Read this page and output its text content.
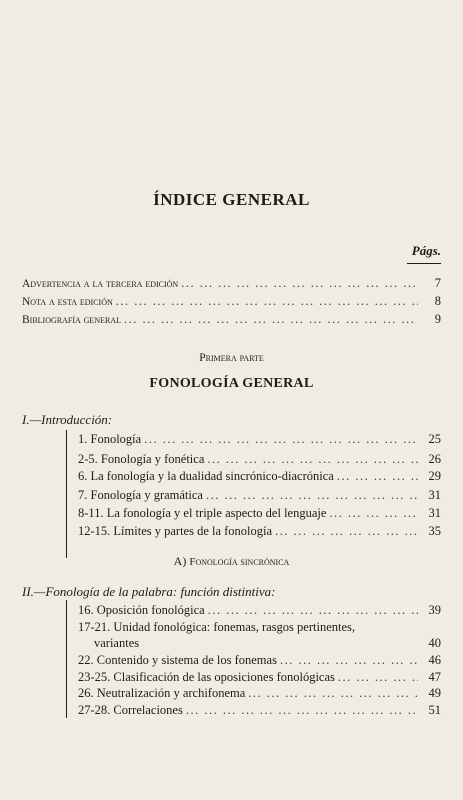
ÍNDICE GENERAL
Págs.
Advertencia a la tercera edición ... .	7
Nota a esta edición ... .	8
Bibliografía general ... .	9
Primera parte
FONOLOGÍA GENERAL
I.—Introducción:
1. Fonología ... .	25
2-5. Fonología y fonética ... .	26
6. La fonología y la dualidad sincrónico-diacrónica ... .	29
7. Fonología y gramática ... .	31
8-11. La fonología y el triple aspecto del lenguaje ... .	31
12-15. Límites y partes de la fonología ... .	35
A) Fonología sincrónica
II.—Fonología de la palabra: función distintiva:
16. Oposición fonológica ... .	39
17-21. Unidad fonológica: fonemas, rasgos pertinentes,
variantes	40
22. Contenido y sistema de los fonemas ... .	46
23-25. Clasificación de las oposiciones fonológicas ... .	47
26. Neutralización y archifonema ... .	49
27-28. Correlaciones ... .	51
